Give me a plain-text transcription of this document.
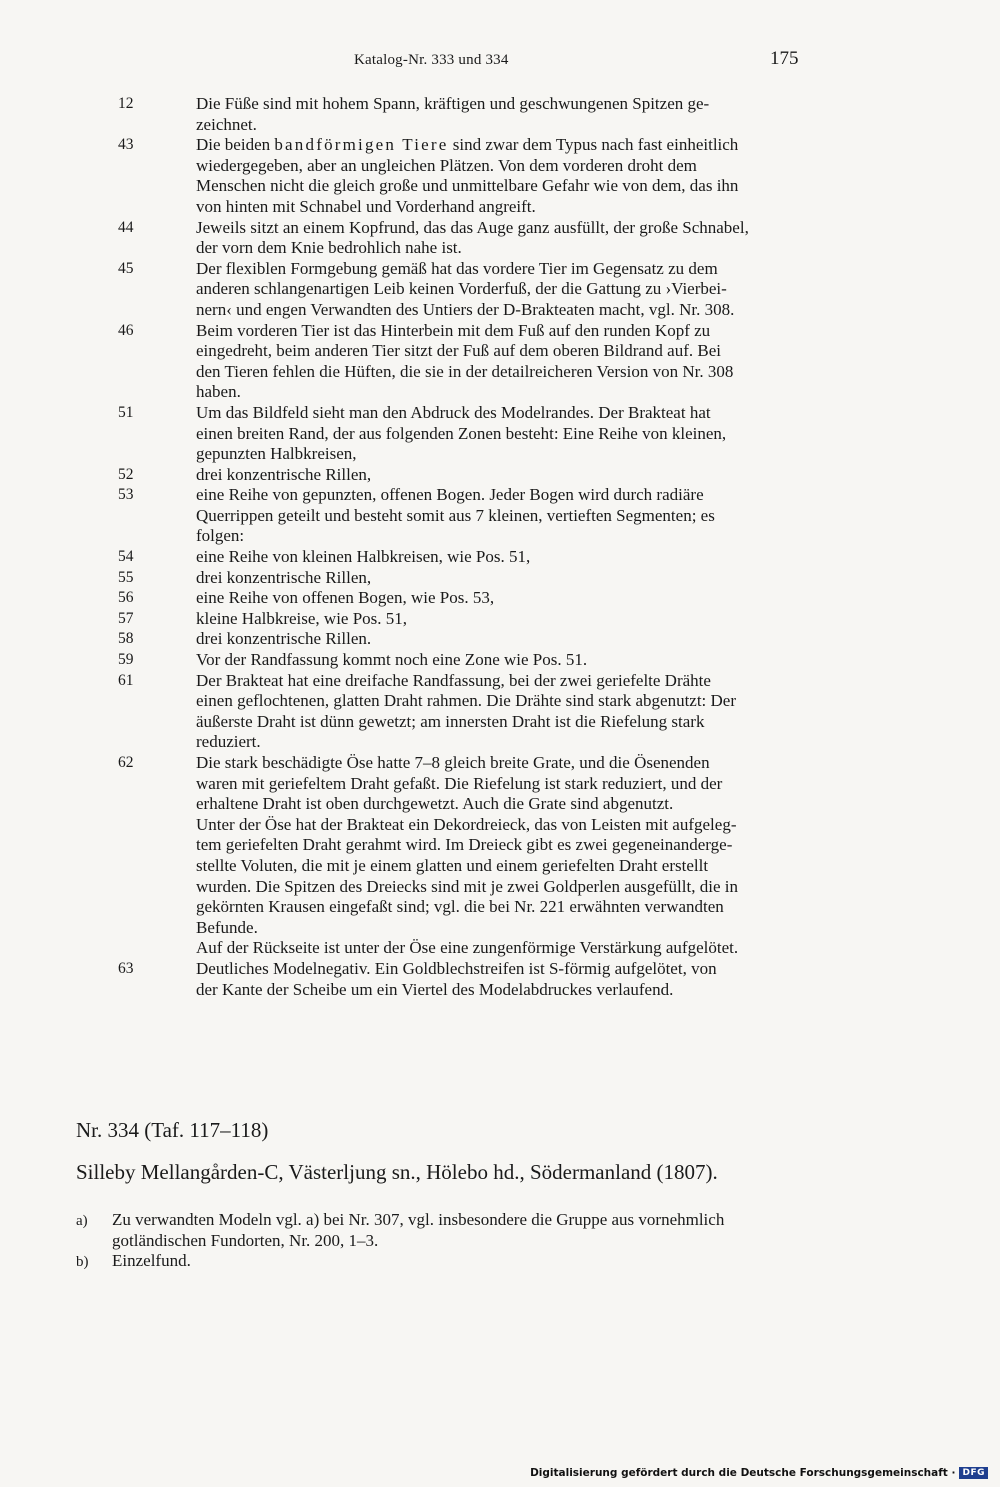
Katalog-Nr. 333 und 334	175
12	Die Füße sind mit hohem Spann, kräftigen und geschwungenen Spitzen ge-
zeichnet.
43	Die beiden bandförmigen Tiere sind zwar dem Typus nach fast einheitlich
wiedergegeben, aber an ungleichen Plätzen. Von dem vorderen droht dem
Menschen nicht die gleich große und unmittelbare Gefahr wie von dem, das ihn
von hinten mit Schnabel und Vorderhand angreift.
44	Jeweils sitzt an einem Kopfrund, das das Auge ganz ausfüllt, der große Schnabel,
der vorn dem Knie bedrohlich nahe ist.
45	Der flexiblen Formgebung gemäß hat das vordere Tier im Gegensatz zu dem
anderen schlangenartigen Leib keinen Vorderfuß, der die Gattung zu ›Vierbei-
nern‹ und engen Verwandten des Untiers der D-Brakteaten macht, vgl. Nr. 308.
46	Beim vorderen Tier ist das Hinterbein mit dem Fuß auf den runden Kopf zu
eingedreht, beim anderen Tier sitzt der Fuß auf dem oberen Bildrand auf. Bei
den Tieren fehlen die Hüften, die sie in der detailreicheren Version von Nr. 308
haben.
51	Um das Bildfeld sieht man den Abdruck des Modelrandes. Der Brakteat hat
einen breiten Rand, der aus folgenden Zonen besteht: Eine Reihe von kleinen,
gepunzten Halbkreisen,
52	drei konzentrische Rillen,
53	eine Reihe von gepunzten, offenen Bogen. Jeder Bogen wird durch radiäre
Querrippen geteilt und besteht somit aus 7 kleinen, vertieften Segmenten; es
folgen:
54	eine Reihe von kleinen Halbkreisen, wie Pos. 51,
55	drei konzentrische Rillen,
56	eine Reihe von offenen Bogen, wie Pos. 53,
57	kleine Halbkreise, wie Pos. 51,
58	drei konzentrische Rillen.
59	Vor der Randfassung kommt noch eine Zone wie Pos. 51.
61	Der Brakteat hat eine dreifache Randfassung, bei der zwei geriefelte Drähte
einen geflochtenen, glatten Draht rahmen. Die Drähte sind stark abgenutzt: Der
äußerste Draht ist dünn gewetzt; am innersten Draht ist die Riefelung stark
reduziert.
62	Die stark beschädigte Öse hatte 7–8 gleich breite Grate, und die Ösenenden
waren mit geriefeltem Draht gefaßt. Die Riefelung ist stark reduziert, und der
erhaltene Draht ist oben durchgewetzt. Auch die Grate sind abgenutzt.
Unter der Öse hat der Brakteat ein Dekordreieck, das von Leisten mit aufgeleg-
tem geriefelten Draht gerahmt wird. Im Dreieck gibt es zwei gegeneinanderge-
stellte Voluten, die mit je einem glatten und einem geriefelten Draht erstellt
wurden. Die Spitzen des Dreiecks sind mit je zwei Goldperlen ausgefüllt, die in
gekörnten Krausen eingefaßt sind; vgl. die bei Nr. 221 erwähnten verwandten
Befunde.
Auf der Rückseite ist unter der Öse eine zungenförmige Verstärkung aufgelötet.
63	Deutliches Modelnegativ. Ein Goldblechstreifen ist S-förmig aufgelötet, von
der Kante der Scheibe um ein Viertel des Modelabdruckes verlaufend.
Nr. 334 (Taf. 117–118)
Silleby Mellangården-C, Västerljung sn., Hölebo hd., Södermanland (1807).
a) Zu verwandten Modeln vgl. a) bei Nr. 307, vgl. insbesondere die Gruppe aus vornehmlich
gotländischen Fundorten, Nr. 200, 1–3.
b) Einzelfund.
Digitalisierung gefördert durch die Deutsche Forschungsgemeinschaft · DFG
